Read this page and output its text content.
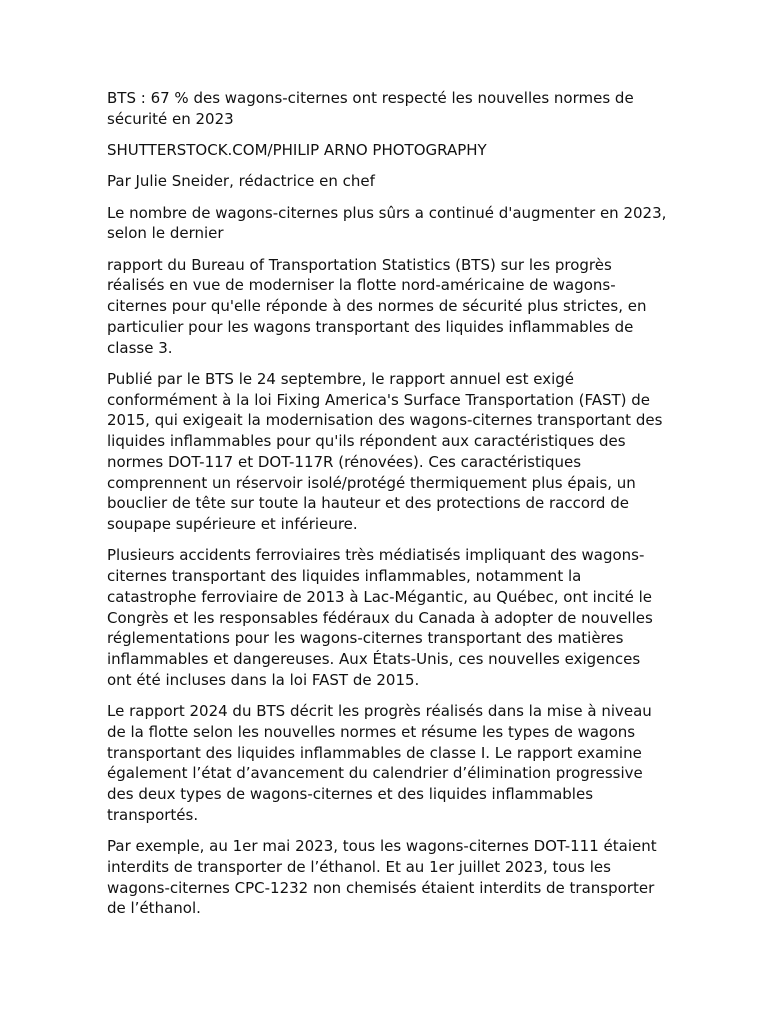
BTS : 67 % des wagons-citernes ont respecté les nouvelles normes de sécurité en 2023

SHUTTERSTOCK.COM/PHILIP ARNO PHOTOGRAPHY

Par Julie Sneider, rédactrice en chef

Le nombre de wagons-citernes plus sûrs a continué d'augmenter en 2023, selon le dernier

rapport du Bureau of Transportation Statistics (BTS) sur les progrès réalisés en vue de moderniser la flotte nord-américaine de wagons-citernes pour qu'elle réponde à des normes de sécurité plus strictes, en particulier pour les wagons transportant des liquides inflammables de classe 3.

Publié par le BTS le 24 septembre, le rapport annuel est exigé conformément à la loi Fixing America's Surface Transportation (FAST) de 2015, qui exigeait la modernisation des wagons-citernes transportant des liquides inflammables pour qu'ils répondent aux caractéristiques des normes DOT-117 et DOT-117R (rénovées). Ces caractéristiques comprennent un réservoir isolé/protégé thermiquement plus épais, un bouclier de tête sur toute la hauteur et des protections de raccord de soupape supérieure et inférieure.

Plusieurs accidents ferroviaires très médiatisés impliquant des wagons-citernes transportant des liquides inflammables, notamment la catastrophe ferroviaire de 2013 à Lac-Mégantic, au Québec, ont incité le Congrès et les responsables fédéraux du Canada à adopter de nouvelles réglementations pour les wagons-citernes transportant des matières inflammables et dangereuses. Aux États-Unis, ces nouvelles exigences ont été incluses dans la loi FAST de 2015.

Le rapport 2024 du BTS décrit les progrès réalisés dans la mise à niveau de la flotte selon les nouvelles normes et résume les types de wagons transportant des liquides inflammables de classe I. Le rapport examine également l’état d’avancement du calendrier d’élimination progressive des deux types de wagons-citernes et des liquides inflammables transportés.

Par exemple, au 1er mai 2023, tous les wagons-citernes DOT-111 étaient interdits de transporter de l’éthanol. Et au 1er juillet 2023, tous les wagons-citernes CPC-1232 non chemisés étaient interdits de transporter de l’éthanol.
